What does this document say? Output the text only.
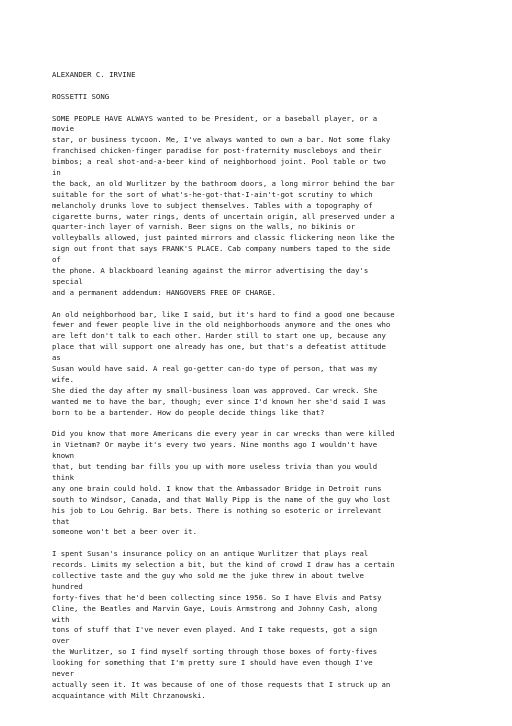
ALEXANDER C. IRVINE
ROSSETTI SONG
SOME PEOPLE HAVE ALWAYS wanted to be President, or a baseball player, or a
movie
star, or business tycoon. Me, I've always wanted to own a bar. Not some flaky
franchised chicken-finger paradise for post-fraternity muscleboys and their
bimbos; a real shot-and-a-beer kind of neighborhood joint. Pool table or two
in
the back, an old Wurlitzer by the bathroom doors, a long mirror behind the bar
suitable for the sort of what's-he-got-that-I-ain't-got scrutiny to which
melancholy drunks love to subject themselves. Tables with a topography of
cigarette burns, water rings, dents of uncertain origin, all preserved under a
quarter-inch layer of varnish. Beer signs on the walls, no bikinis or
volleyballs allowed, just painted mirrors and classic flickering neon like the
sign out front that says FRANK'S PLACE. Cab company numbers taped to the side
of
the phone. A blackboard leaning against the mirror advertising the day's
special
and a permanent addendum: HANGOVERS FREE OF CHARGE.
An old neighborhood bar, like I said, but it's hard to find a good one because
fewer and fewer people live in the old neighborhoods anymore and the ones who
are left don't talk to each other. Harder still to start one up, because any
place that will support one already has one, but that's a defeatist attitude
as
Susan would have said. A real go-getter can-do type of person, that was my
wife.
She died the day after my small-business loan was approved. Car wreck. She
wanted me to have the bar, though; ever since I'd known her she'd said I was
born to be a bartender. How do people decide things like that?
Did you know that more Americans die every year in car wrecks than were killed
in Vietnam? Or maybe it's every two years. Nine months ago I wouldn't have
known
that, but tending bar fills you up with more useless trivia than you would
think
any one brain could hold. I know that the Ambassador Bridge in Detroit runs
south to Windsor, Canada, and that Wally Pipp is the name of the guy who lost
his job to Lou Gehrig. Bar bets. There is nothing so esoteric or irrelevant
that
someone won't bet a beer over it.
I spent Susan's insurance policy on an antique Wurlitzer that plays real
records. Limits my selection a bit, but the kind of crowd I draw has a certain
collective taste and the guy who sold me the juke threw in about twelve
hundred
forty-fives that he'd been collecting since 1956. So I have Elvis and Patsy
Cline, the Beatles and Marvin Gaye, Louis Armstrong and Johnny Cash, along
with
tons of stuff that I've never even played. And I take requests, got a sign
over
the Wurlitzer, so I find myself sorting through those boxes of forty-fives
looking for something that I'm pretty sure I should have even though I've
never
actually seen it. It was because of one of those requests that I struck up an
acquaintance with Milt Chrzanowski.
